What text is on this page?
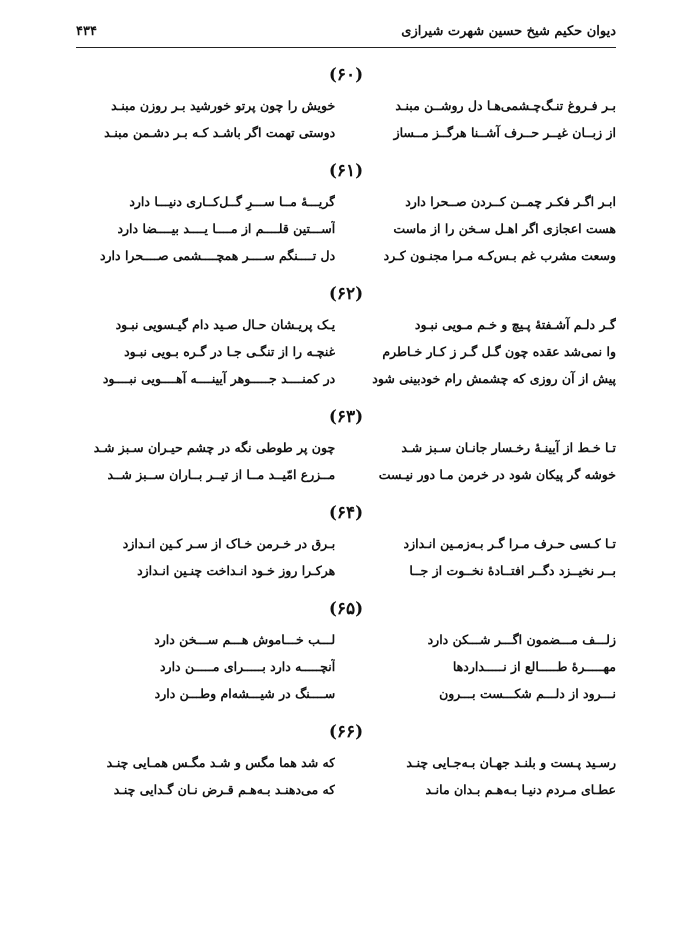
دیوان حکیم شیخ حسین شهرت شیرازی
۴۳۴
(۶۰)
بـر فـروغ تنـگ‌چـشمی‌هـا دل روشــن مبنـد
خویش را چون پرتو خورشید بـر روزن مبنـد
از زبــان غیــر حــرف آشــنا هرگــز مــساز
دوستی تهمت اگر باشـد کـه بـر دشـمن مبنـد
(۶۱)
ابـر اگـر فکـر چمــن کــردن صــحرا دارد
گریـــۀ مــا ســـرِ گــل‌کــاری دنیـــا دارد
هست اعجازی اگر اهـل سـخن را از ماست
آســـتین قلــــم از مــــا یــــد بیــــضا دارد
وسعت مشرب غم بـس‌کـه مـرا مجنـون کـرد
دل تــــنگم ســــر همچــــشمی صــــحرا دارد
(۶۲)
گـر دلـم آشـفتۀ پـیچ و خـم مـویی نبـود
یـک پریـشان حـال صـید دام گیـسویی نبـود
وا نمی‌شد عقده چون گـل گـر ز کـار خـاطرم
غنچـه را از تنگـی جـا در گـره بـویی نبـود
پیش از آن روزی که چشمش رام خودبینی شود
در کمنــــد جـــــوهر آیینــــه آهــــویی نبــــود
(۶۳)
تـا خـط از آیینـۀ رخـسار جانـان سـبز شـد
چون پر طوطی نگه در چشم حیـران سـبز شـد
خوشه گر پیکان شود در خرمن مـا دور نیـست
مــزرع امّیــد مــا از تیــر بــاران ســبز شــد
(۶۴)
تـا کـسی حـرف مـرا گـر بـه‌زمـین انـدازد
بـرق در خـرمن خـاک از سـر کـین انـدازد
بــر نخیــزد دگــر افتــادۀ نخــوت از جــا
هرکـرا روز خـود انـداخت چنـین انـدازد
(۶۵)
زلـــف مـــضمون اگـــر شـــکن دارد
لـــب خـــاموش هـــم ســـخن دارد
مهـــــرۀ طـــــالع از نـــــداردها
آنچـــــه دارد بـــــرای مـــــن دارد
نـــرود از دلـــم شکـــست بـــرون
ســــنگ در شیـــشه‌ام وطـــن دارد
(۶۶)
رسـید پـست و بلنـد جهـان بـه‌جـایی چنـد
که شد هما مگس و شـد مگـس همـایی چنـد
عطـای مـردم دنیـا بـه‌هـم بـدان مانـد
که می‌دهنـد بـه‌هـم قـرض نـان گـدایی چنـد
